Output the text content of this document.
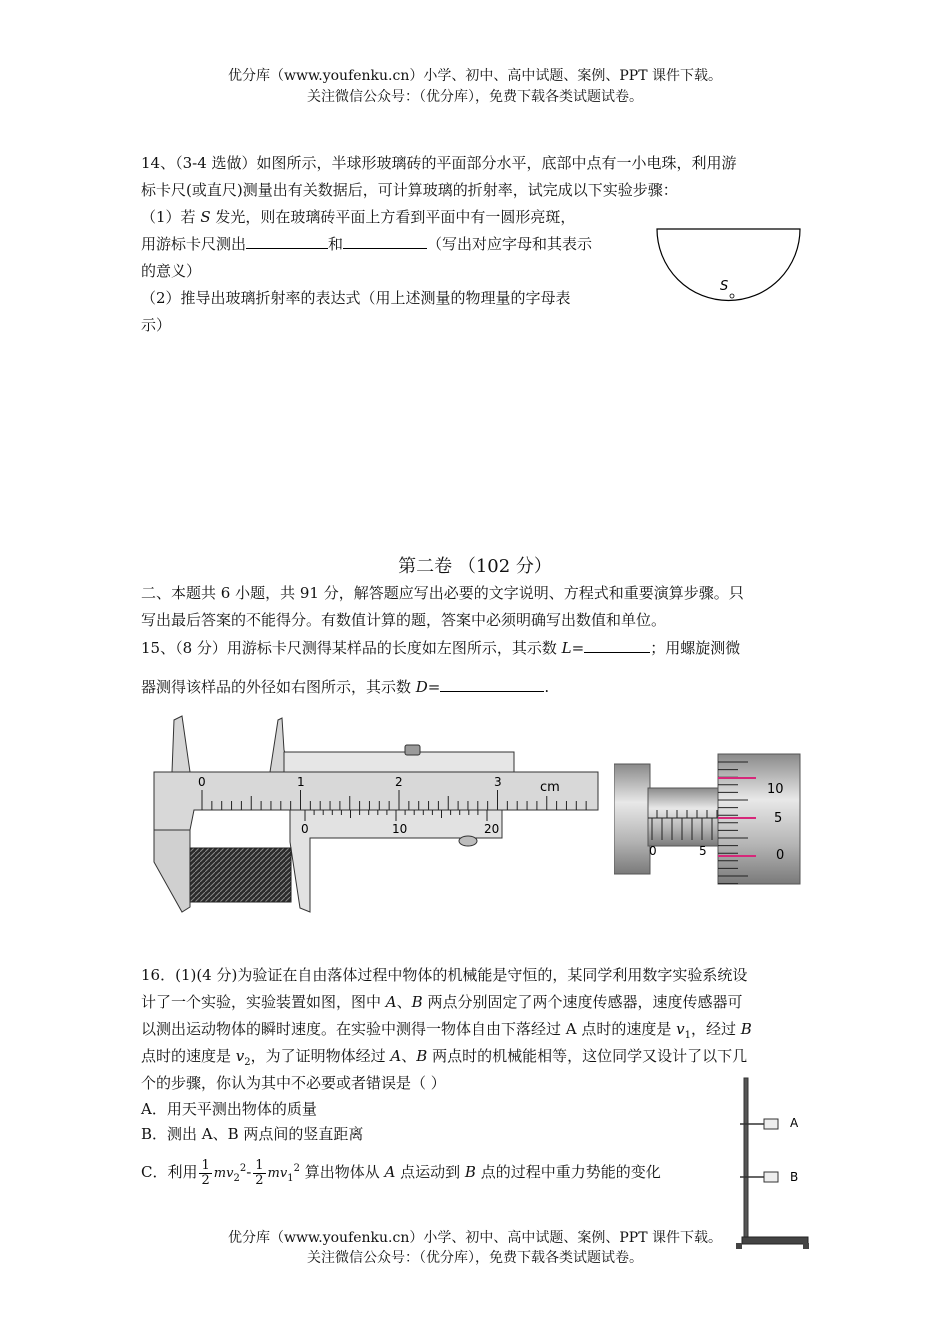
优分库（www.youfenku.cn）小学、初中、高中试题、案例、PPT 课件下载。
关注微信公众号：（优分库），免费下载各类试题试卷。
14、（3-4 选做）如图所示，半球形玻璃砖的平面部分水平，底部中点有一小电珠，利用游
标卡尺(或直尺)测量出有关数据后，可计算玻璃的折射率，试完成以下实验步骤：
（1）若 S 发光，则在玻璃砖平面上方看到平面中有一圆形亮斑，
用游标卡尺测出	和	（写出对应字母和其表示
的意义）
（2）推导出玻璃折射率的表达式（用上述测量的物理量的字母表
示）
S
第二卷 （102 分）
二、本题共 6 小题，共 91 分，解答题应写出必要的文字说明、方程式和重要演算步骤。只
写出最后答案的不能得分。有数值计算的题，答案中必须明确写出数值和单位。
15、（8 分）用游标卡尺测得某样品的长度如左图所示，其示数 L=	；用螺旋测微
器测得该样品的外径如右图所示，其示数 D=	.
0	1	2	3	cm
0	10	20
0	5
10
5
0
16．(1)(4 分)为验证在自由落体过程中物体的机械能是守恒的，某同学利用数字实验系统设
计了一个实验，实验装置如图，图中 A、B 两点分别固定了两个速度传感器，速度传感器可
以测出运动物体的瞬时速度。在实验中测得一物体自由下落经过 A 点时的速度是 $v_1$，经过 B
点时的速度是 $v_2$，为了证明物体经过 A、B 两点时的机械能相等，这位同学又设计了以下几
个的步骤，你认为其中不必要或者错误是（ ）
A．用天平测出物体的质量
B．测出 A、B 两点间的竖直距离
C．利用 $\frac{1}{2} mv_2^2- \frac{1}{2} mv_1^2$ 算出物体从 A 点运动到 B 点的过程中重力势能的变化
A
B
优分库（www.youfenku.cn）小学、初中、高中试题、案例、PPT 课件下载。
关注微信公众号：（优分库），免费下载各类试题试卷。
